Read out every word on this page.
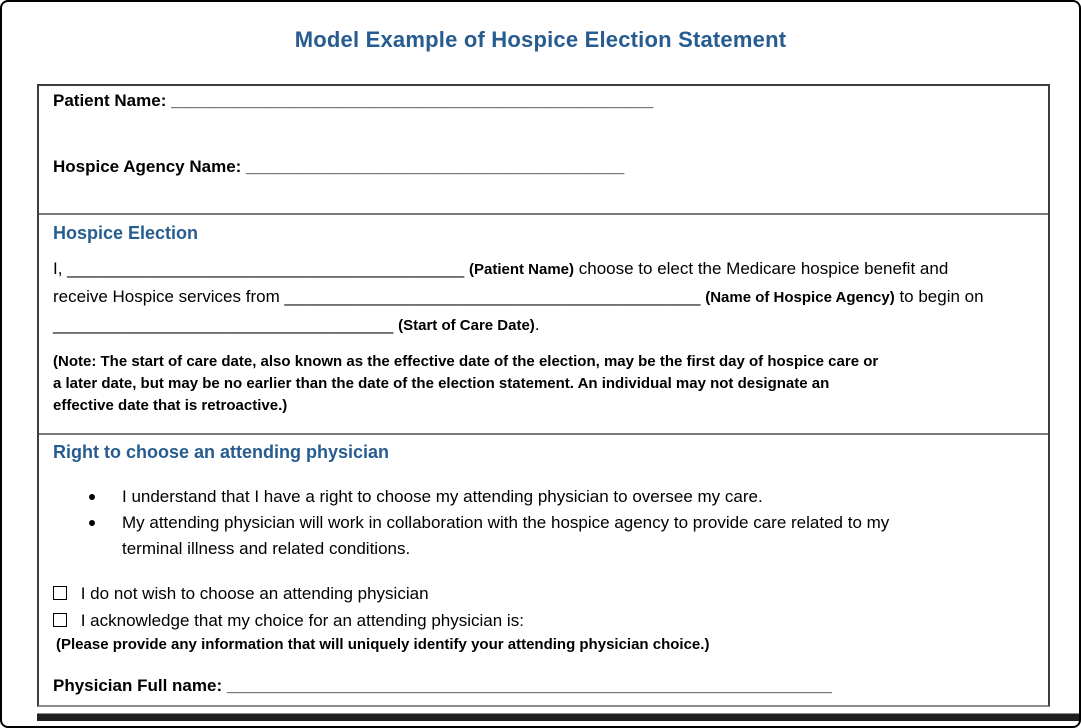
Model Example of Hospice Election Statement
Patient Name: ___________________________________________________
Hospice Agency Name: ________________________________________
Hospice Election
I, __________________________________________ (Patient Name) choose to elect the Medicare hospice benefit and
receive Hospice services from ____________________________________________ (Name of Hospice Agency) to begin on
____________________________________ (Start of Care Date).
(Note: The start of care date, also known as the effective date of the election, may be the first day of hospice care or
a later date, but may be no earlier than the date of the election statement. An individual may not designate an
effective date that is retroactive.)
Right to choose an attending physician
I understand that I have a right to choose my attending physician to oversee my care.
My attending physician will work in collaboration with the hospice agency to provide care related to my
terminal illness and related conditions.
I do not wish to choose an attending physician
I acknowledge that my choice for an attending physician is:
(Please provide any information that will uniquely identify your attending physician choice.)
Physician Full name: ________________________________________________________________
